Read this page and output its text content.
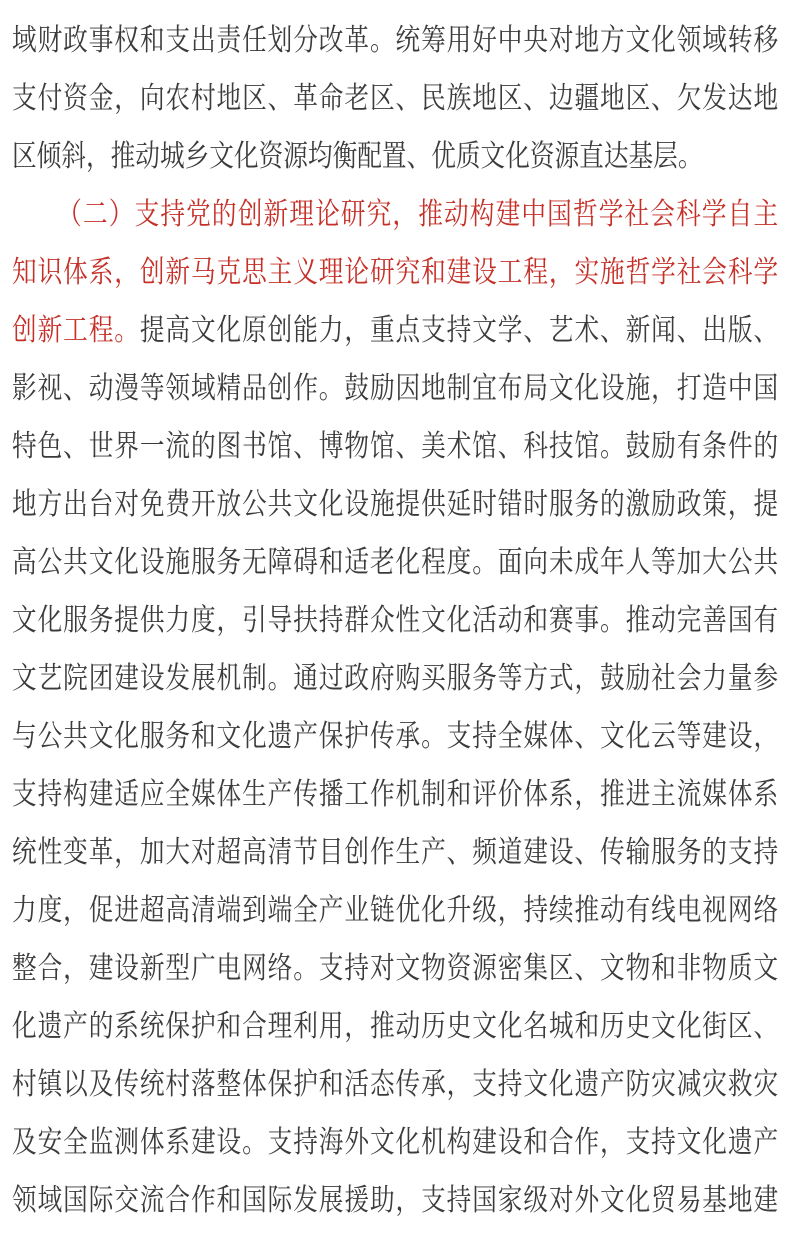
域财政事权和支出责任划分改革。统筹用好中央对地方文化领域转移
支付资金，向农村地区、革命老区、民族地区、边疆地区、欠发达地
区倾斜，推动城乡文化资源均衡配置、优质文化资源直达基层。
（二）支持党的创新理论研究，推动构建中国哲学社会科学自主
知识体系，创新马克思主义理论研究和建设工程，实施哲学社会科学
创新工程。提高文化原创能力，重点支持文学、艺术、新闻、出版、
影视、动漫等领域精品创作。鼓励因地制宜布局文化设施，打造中国
特色、世界一流的图书馆、博物馆、美术馆、科技馆。鼓励有条件的
地方出台对免费开放公共文化设施提供延时错时服务的激励政策，提
高公共文化设施服务无障碍和适老化程度。面向未成年人等加大公共
文化服务提供力度，引导扶持群众性文化活动和赛事。推动完善国有
文艺院团建设发展机制。通过政府购买服务等方式，鼓励社会力量参
与公共文化服务和文化遗产保护传承。支持全媒体、文化云等建设，
支持构建适应全媒体生产传播工作机制和评价体系，推进主流媒体系
统性变革，加大对超高清节目创作生产、频道建设、传输服务的支持
力度，促进超高清端到端全产业链优化升级，持续推动有线电视网络
整合，建设新型广电网络。支持对文物资源密集区、文物和非物质文
化遗产的系统保护和合理利用，推动历史文化名城和历史文化街区、
村镇以及传统村落整体保护和活态传承，支持文化遗产防灾减灾救灾
及安全监测体系建设。支持海外文化机构建设和合作，支持文化遗产
领域国际交流合作和国际发展援助，支持国家级对外文化贸易基地建
